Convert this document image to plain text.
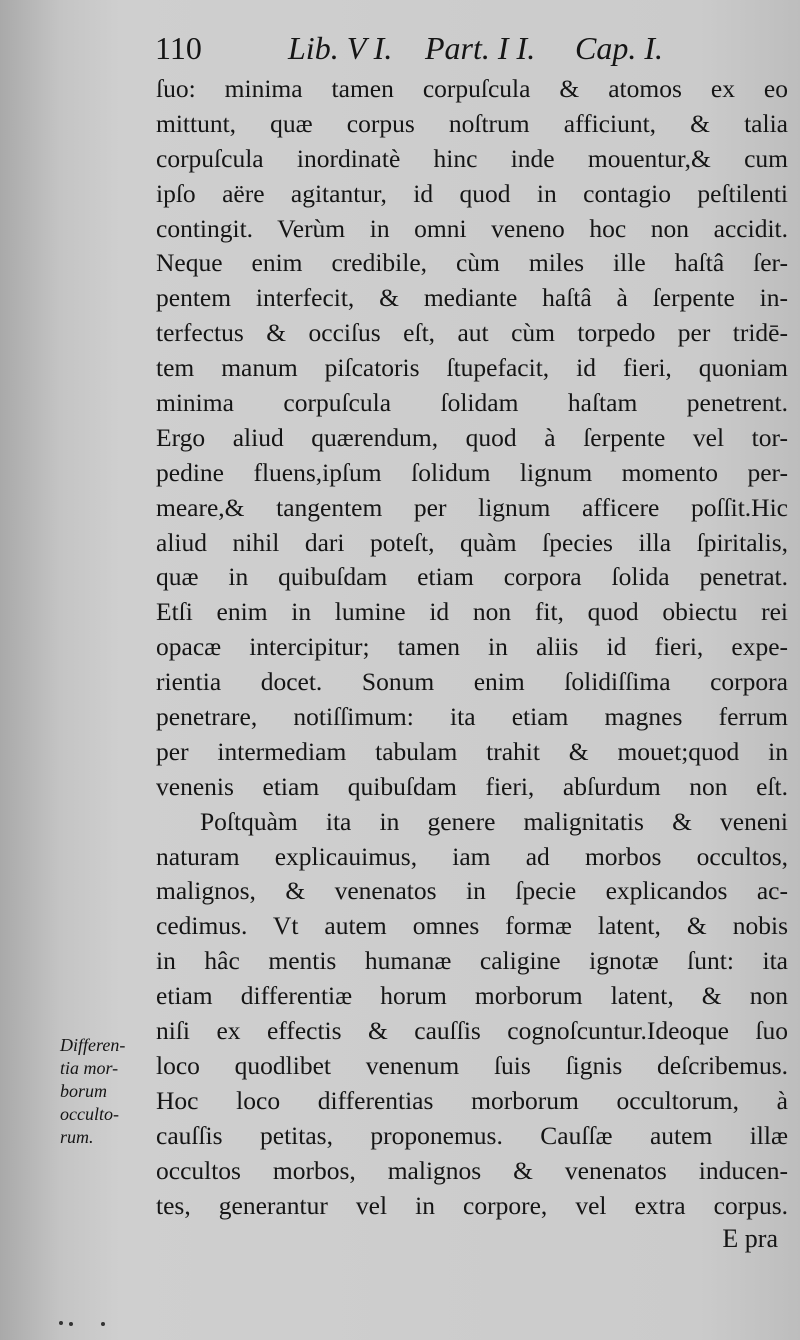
110	Lib. V I. Part. I I. Cap. I.
ſuo: minima tamen corpuſcula & atomos ex eo
mittunt, quæ corpus noſtrum afficiunt, & talia
corpuſcula inordinatè hinc inde mouentur,& cum
ipſo aëre agitantur, id quod in contagio peſtilenti
contingit. Verùm in omni veneno hoc non accidit.
Neque enim credibile, cùm miles ille haſtâ ſer-
pentem interfecit, & mediante haſtâ à ſerpente in-
terfectus & occiſus eſt, aut cùm torpedo per tridē-
tem manum piſcatoris ſtupefacit, id fieri, quoniam
minima corpuſcula ſolidam haſtam penetrent.
Ergo aliud quærendum, quod à ſerpente vel tor-
pedine fluens,ipſum ſolidum lignum momento per-
meare,& tangentem per lignum afficere poſſit.Hic
aliud nihil dari poteſt, quàm ſpecies illa ſpiritalis,
quæ in quibuſdam etiam corpora ſolida penetrat.
Etſi enim in lumine id non fit, quod obiectu rei
opacæ intercipitur; tamen in aliis id fieri, expe-
rientia docet. Sonum enim ſolidiſſima corpora
penetrare, notiſſimum: ita etiam magnes ferrum
per intermediam tabulam trahit & mouet;quod in
venenis etiam quibuſdam fieri, abſurdum non eſt.
Poſtquàm ita in genere malignitatis & veneni
naturam explicauimus, iam ad morbos occultos,
malignos, & venenatos in ſpecie explicandos ac-
cedimus. Vt autem omnes formæ latent, & nobis
in hâc mentis humanæ caligine ignotæ ſunt: ita
etiam differentiæ horum morborum latent, & non
niſi ex effectis & cauſſis cognoſcuntur.Ideoque ſuo
loco quodlibet venenum ſuis ſignis deſcribemus.
Hoc loco differentias morborum occultorum, à
cauſſis petitas, proponemus. Cauſſæ autem illæ
occultos morbos, malignos & venenatos inducen-
tes, generantur vel in corpore, vel extra corpus.
E pra
Differen-
tia mor-
borum
occulto-
rum.
